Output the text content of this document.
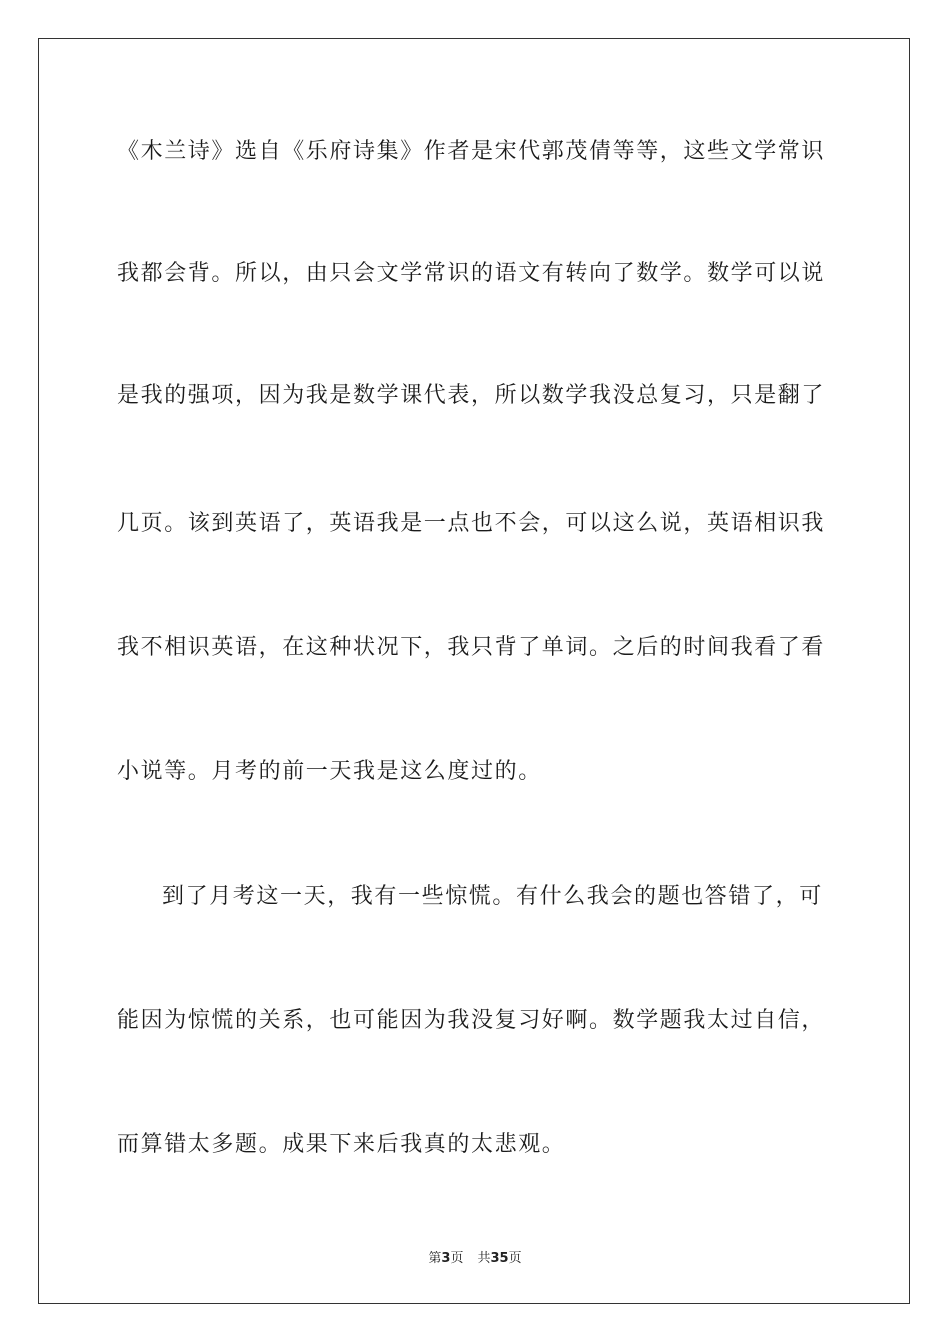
《木兰诗》选自《乐府诗集》作者是宋代郭茂倩等等，这些文学常识
我都会背。所以，由只会文学常识的语文有转向了数学。数学可以说
是我的强项，因为我是数学课代表，所以数学我没总复习，只是翻了
几页。该到英语了，英语我是一点也不会，可以这么说，英语相识我
我不相识英语，在这种状况下，我只背了单词。之后的时间我看了看
小说等。月考的前一天我是这么度过的。
到了月考这一天，我有一些惊慌。有什么我会的题也答错了，可
能因为惊慌的关系，也可能因为我没复习好啊。数学题我太过自信，
而算错太多题。成果下来后我真的太悲观。
第3页 共35页
